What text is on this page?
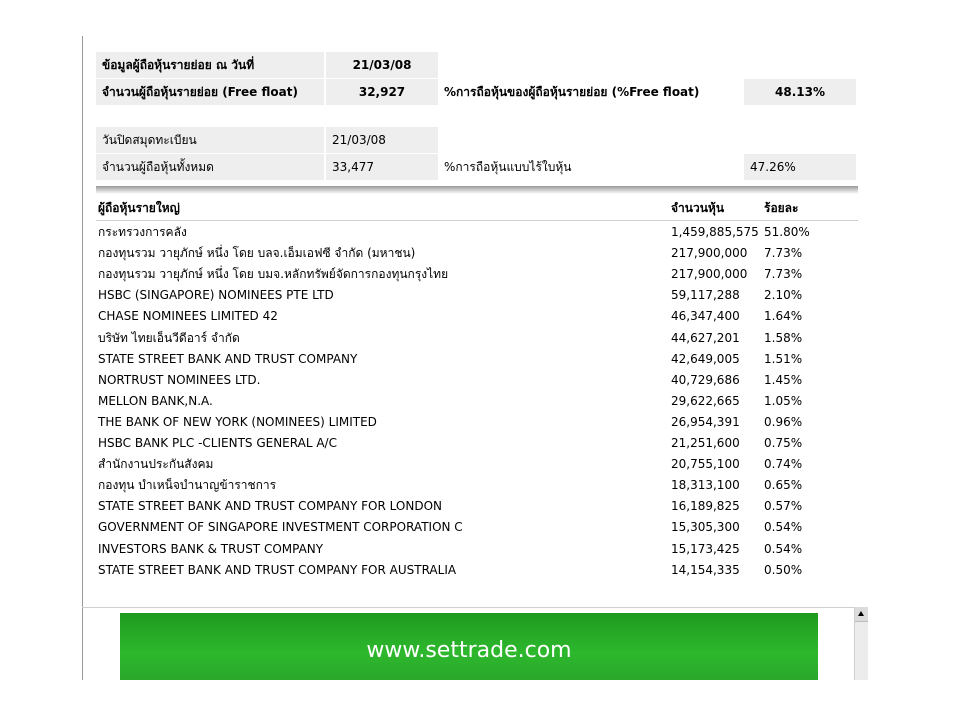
ข้อมูลผู้ถือหุ้นรายย่อย ณ วันที่	21/03/08
จำนวนผู้ถือหุ้นรายย่อย (Free float)	32,927	%การถือหุ้นของผู้ถือหุ้นรายย่อย (%Free float)	48.13%
วันปิดสมุดทะเบียน	21/03/08
จำนวนผู้ถือหุ้นทั้งหมด	33,477	%การถือหุ้นแบบไร้ใบหุ้น	47.26%
ผู้ถือหุ้นรายใหญ่	จำนวนหุ้น	ร้อยละ
กระทรวงการคลัง	1,459,885,575 51.80%
กองทุนรวม วายุภักษ์ หนึ่ง โดย บลจ.เอ็มเอฟซี จำกัด (มหาชน)	217,900,000 7.73%
กองทุนรวม วายุภักษ์ หนึ่ง โดย บมจ.หลักทรัพย์จัดการกองทุนกรุงไทย	217,900,000 7.73%
HSBC (SINGAPORE) NOMINEES PTE LTD	59,117,288 2.10%
CHASE NOMINEES LIMITED 42	46,347,400 1.64%
บริษัท ไทยเอ็นวีดีอาร์ จำกัด	44,627,201 1.58%
STATE STREET BANK AND TRUST COMPANY	42,649,005 1.51%
NORTRUST NOMINEES LTD.	40,729,686 1.45%
MELLON BANK,N.A.	29,622,665 1.05%
THE BANK OF NEW YORK (NOMINEES) LIMITED	26,954,391 0.96%
HSBC BANK PLC -CLIENTS GENERAL A/C	21,251,600 0.75%
สำนักงานประกันสังคม	20,755,100 0.74%
กองทุน บำเหน็จบำนาญข้าราชการ	18,313,100 0.65%
STATE STREET BANK AND TRUST COMPANY FOR LONDON	16,189,825 0.57%
GOVERNMENT OF SINGAPORE INVESTMENT CORPORATION C	15,305,300 0.54%
INVESTORS BANK & TRUST COMPANY	15,173,425 0.54%
STATE STREET BANK AND TRUST COMPANY FOR AUSTRALIA	14,154,335 0.50%
www.settrade.com
